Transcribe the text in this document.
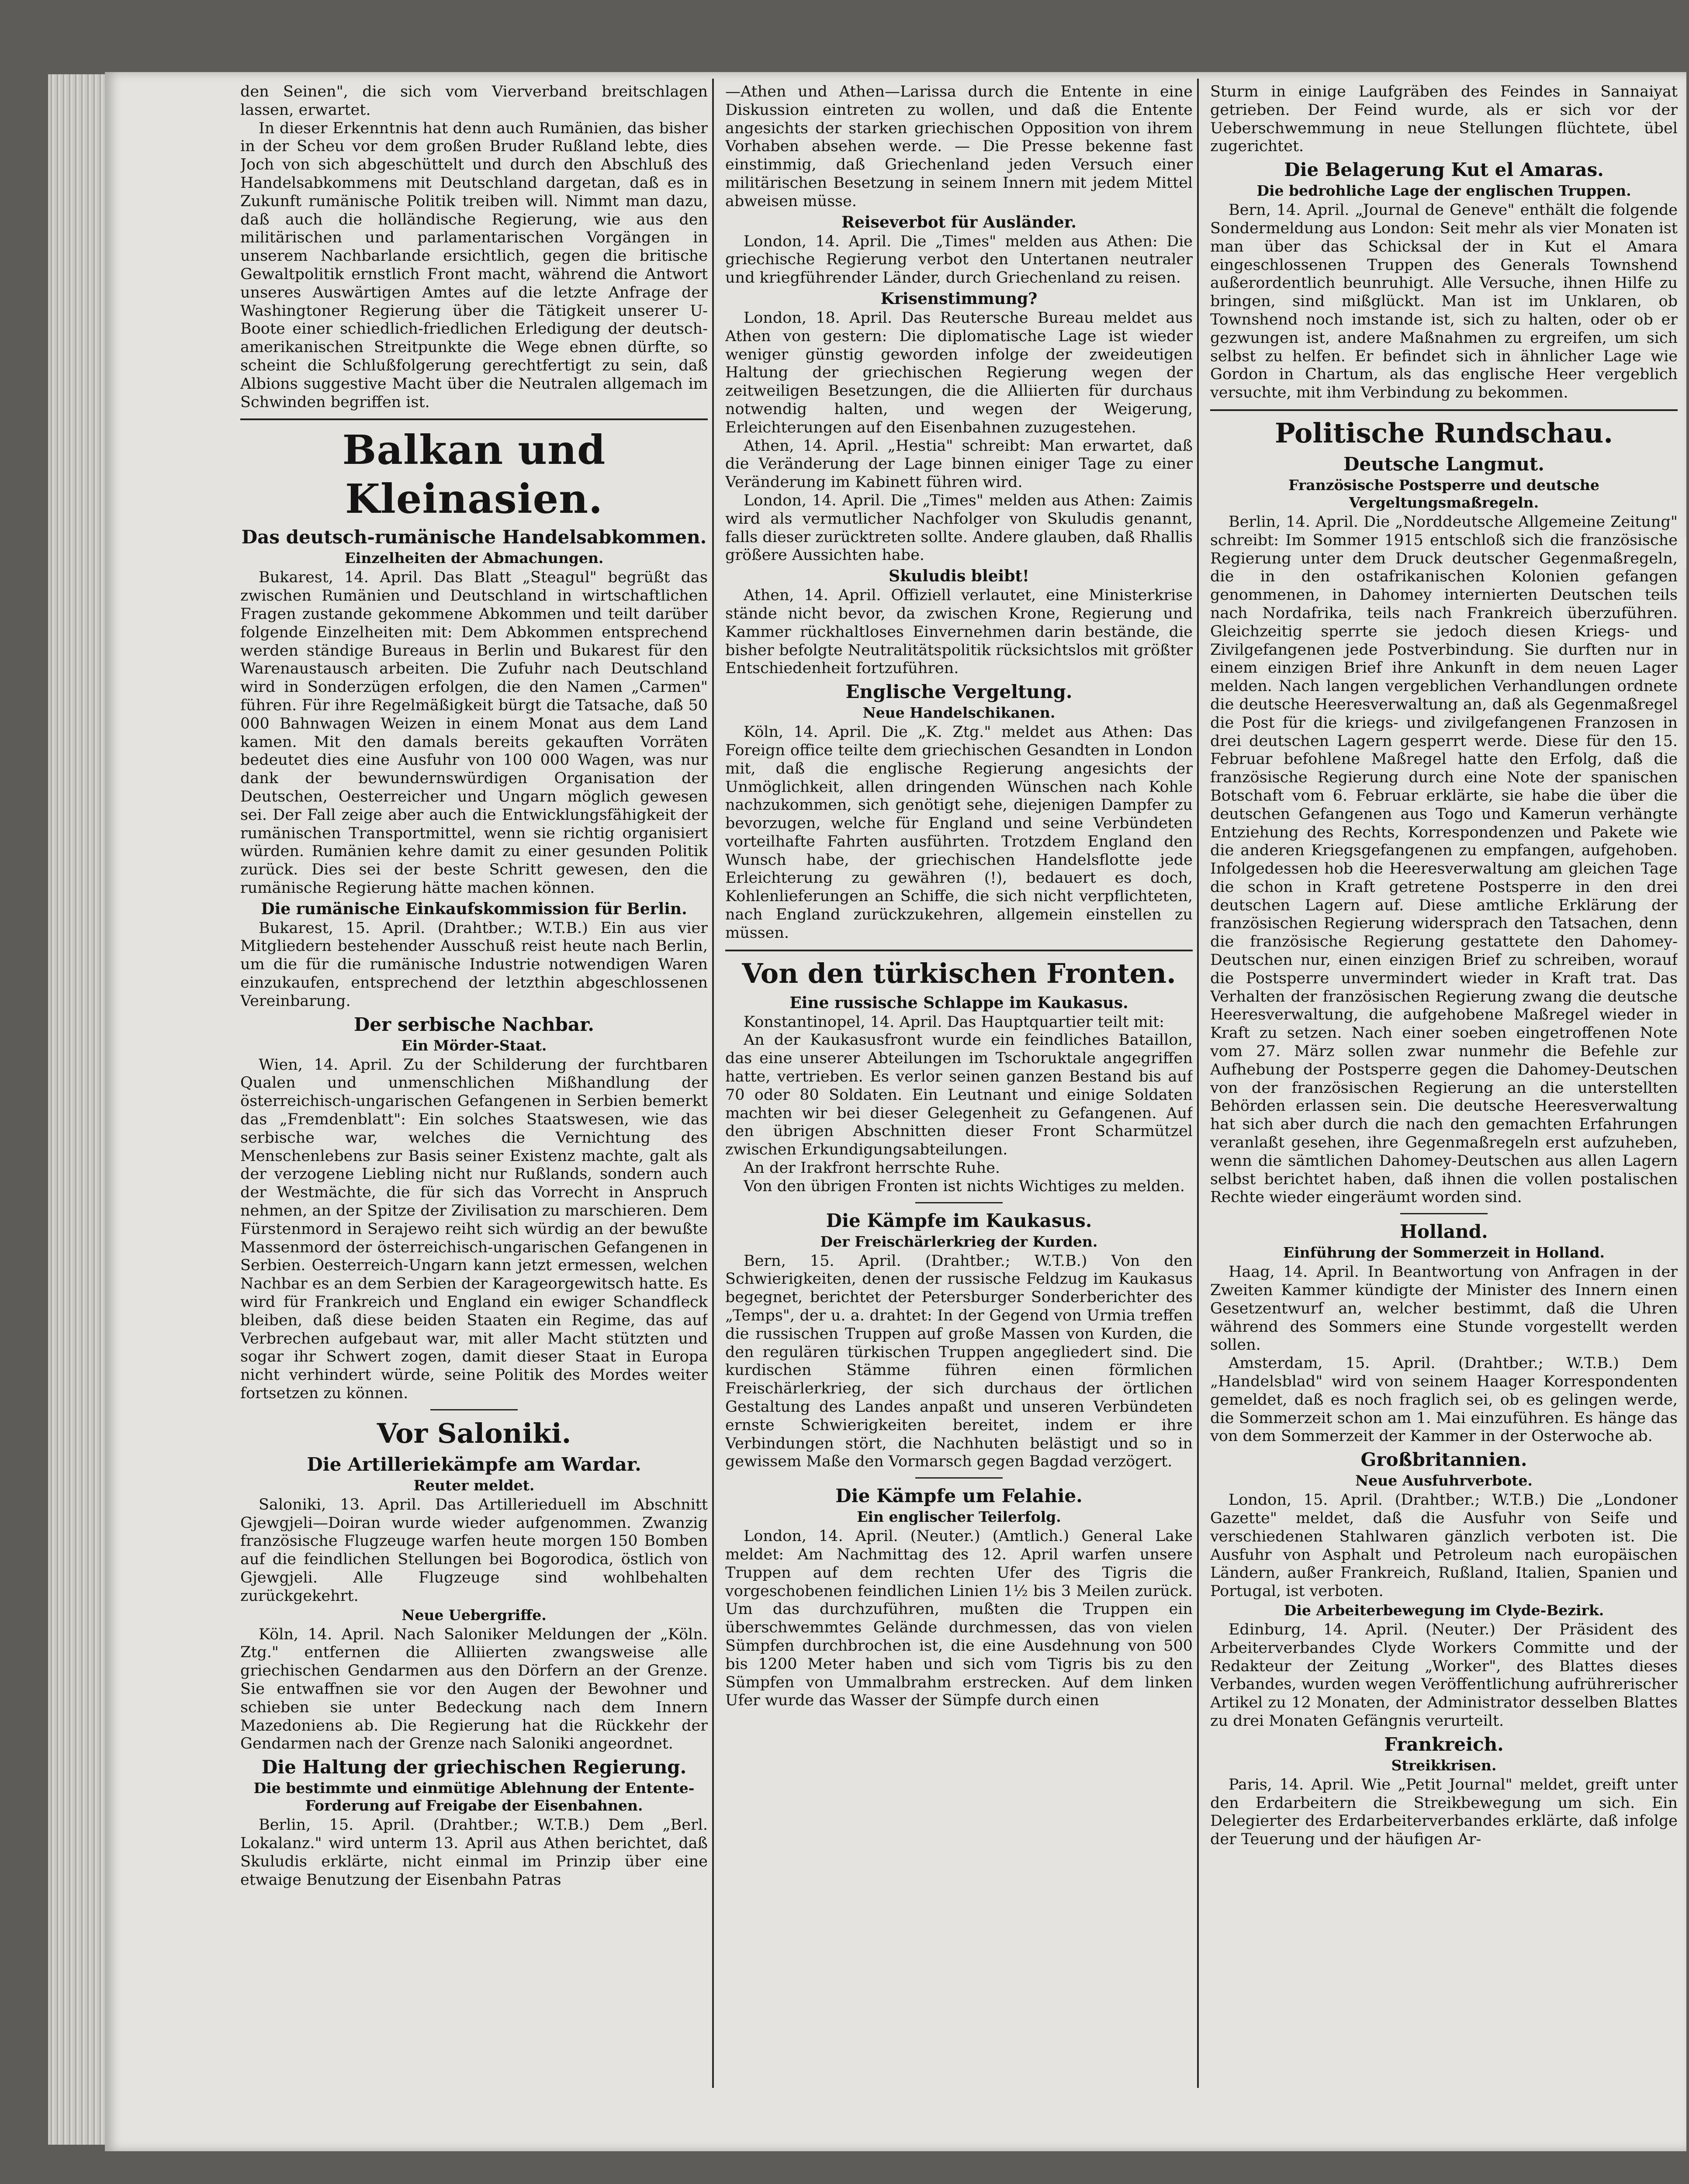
den Seinen", die sich vom Vierverband breitschlagen lassen, erwartet.

In dieser Erkenntnis hat denn auch Rumänien, das bisher in der Scheu vor dem großen Bruder Rußland lebte, dies Joch von sich abgeschüttelt und durch den Abschluß des Handelsabkommens mit Deutschland dargetan, daß es in Zukunft rumänische Politik treiben will. Nimmt man dazu, daß auch die holländische Regierung, wie aus den militärischen und parlamentarischen Vorgängen in unserem Nachbarlande ersichtlich, gegen die britische Gewaltpolitik ernstlich Front macht, während die Antwort unseres Auswärtigen Amtes auf die letzte Anfrage der Washingtoner Regierung über die Tätigkeit unserer U-Boote einer schiedlich-friedlichen Erledigung der deutsch-amerikanischen Streitpunkte die Wege ebnen dürfte, so scheint die Schlußfolgerung gerechtfertigt zu sein, daß Albions suggestive Macht über die Neutralen allgemach im Schwinden begriffen ist.

Balkan und Kleinasien.
Das deutsch-rumänische Handelsabkommen.
Einzelheiten der Abmachungen.

Bukarest, 14. April. Das Blatt „Steagul" begrüßt das zwischen Rumänien und Deutschland in wirtschaftlichen Fragen zustande gekommene Abkommen und teilt darüber folgende Einzelheiten mit: Dem Abkommen entsprechend werden ständige Bureaus in Berlin und Bukarest für den Warenaustausch arbeiten. Die Zufuhr nach Deutschland wird in Sonderzügen erfolgen, die den Namen „Carmen" führen. Für ihre Regelmäßigkeit bürgt die Tatsache, daß 50 000 Bahnwagen Weizen in einem Monat aus dem Land kamen. Mit den damals bereits gekauften Vorräten bedeutet dies eine Ausfuhr von 100 000 Wagen, was nur dank der bewundernswürdigen Organisation der Deutschen, Oesterreicher und Ungarn möglich gewesen sei. Der Fall zeige aber auch die Entwicklungsfähigkeit der rumänischen Transportmittel, wenn sie richtig organisiert würden. Rumänien kehre damit zu einer gesunden Politik zurück. Dies sei der beste Schritt gewesen, den die rumänische Regierung hätte machen können.

Die rumänische Einkaufskommission für Berlin.

Bukarest, 15. April. (Drahtber.; W.T.B.) Ein aus vier Mitgliedern bestehender Ausschuß reist heute nach Berlin, um die für die rumänische Industrie notwendigen Waren einzukaufen, entsprechend der letzthin abgeschlossenen Vereinbarung.

Der serbische Nachbar.
Ein Mörder-Staat.

Wien, 14. April. Zu der Schilderung der furchtbaren Qualen und unmenschlichen Mißhandlung der österreichisch-ungarischen Gefangenen in Serbien bemerkt das „Fremdenblatt": Ein solches Staatswesen, wie das serbische war, welches die Vernichtung des Menschenlebens zur Basis seiner Existenz machte, galt als der verzogene Liebling nicht nur Rußlands, sondern auch der Westmächte, die für sich das Vorrecht in Anspruch nehmen, an der Spitze der Zivilisation zu marschieren. Dem Fürstenmord in Serajewo reiht sich würdig an der bewußte Massenmord der österreichisch-ungarischen Gefangenen in Serbien. Oesterreich-Ungarn kann jetzt ermessen, welchen Nachbar es an dem Serbien der Karageorgewitsch hatte. Es wird für Frankreich und England ein ewiger Schandfleck bleiben, daß diese beiden Staaten ein Regime, das auf Verbrechen aufgebaut war, mit aller Macht stützten und sogar ihr Schwert zogen, damit dieser Staat in Europa nicht verhindert würde, seine Politik des Mordes weiter fortsetzen zu können.

Vor Saloniki.
Die Artilleriekämpfe am Wardar.
Reuter meldet.

Saloniki, 13. April. Das Artillerieduell im Abschnitt Gjewgjeli—Doiran wurde wieder aufgenommen. Zwanzig französische Flugzeuge warfen heute morgen 150 Bomben auf die feindlichen Stellungen bei Bogorodica, östlich von Gjewgjeli. Alle Flugzeuge sind wohlbehalten zurückgekehrt.

Neue Uebergriffe.

Köln, 14. April. Nach Saloniker Meldungen der „Köln. Ztg." entfernen die Alliierten zwangsweise alle griechischen Gendarmen aus den Dörfern an der Grenze. Sie entwaffnen sie vor den Augen der Bewohner und schieben sie unter Bedeckung nach dem Innern Mazedoniens ab. Die Regierung hat die Rückkehr der Gendarmen nach der Grenze nach Saloniki angeordnet.

Die Haltung der griechischen Regierung.
Die bestimmte und einmütige Ablehnung der Entente-Forderung auf Freigabe der Eisenbahnen.

Berlin, 15. April. (Drahtber.; W.T.B.) Dem „Berl. Lokalanz." wird unterm 13. April aus Athen berichtet, daß Skuludis erklärte, nicht einmal im Prinzip über eine etwaige Benutzung der Eisenbahn Patras

—Athen und Athen—Larissa durch die Entente in eine Diskussion eintreten zu wollen, und daß die Entente angesichts der starken griechischen Opposition von ihrem Vorhaben absehen werde. — Die Presse bekenne fast einstimmig, daß Griechenland jeden Versuch einer militärischen Besetzung in seinem Innern mit jedem Mittel abweisen müsse.

Reiseverbot für Ausländer.

London, 14. April. Die „Times" melden aus Athen: Die griechische Regierung verbot den Untertanen neutraler und kriegführender Länder, durch Griechenland zu reisen.

Krisenstimmung?

London, 18. April. Das Reutersche Bureau meldet aus Athen von gestern: Die diplomatische Lage ist wieder weniger günstig geworden infolge der zweideutigen Haltung der griechischen Regierung wegen der zeitweiligen Besetzungen, die die Alliierten für durchaus notwendig halten, und wegen der Weigerung, Erleichterungen auf den Eisenbahnen zuzugestehen.

Athen, 14. April. „Hestia" schreibt: Man erwartet, daß die Veränderung der Lage binnen einiger Tage zu einer Veränderung im Kabinett führen wird.

London, 14. April. Die „Times" melden aus Athen: Zaimis wird als vermutlicher Nachfolger von Skuludis genannt, falls dieser zurücktreten sollte. Andere glauben, daß Rhallis größere Aussichten habe.

Skuludis bleibt!

Athen, 14. April. Offiziell verlautet, eine Ministerkrise stände nicht bevor, da zwischen Krone, Regierung und Kammer rückhaltloses Einvernehmen darin bestände, die bisher befolgte Neutralitätspolitik rücksichtslos mit größter Entschiedenheit fortzuführen.

Englische Vergeltung.
Neue Handelschikanen.

Köln, 14. April. Die „K. Ztg." meldet aus Athen: Das Foreign office teilte dem griechischen Gesandten in London mit, daß die englische Regierung angesichts der Unmöglichkeit, allen dringenden Wünschen nach Kohle nachzukommen, sich genötigt sehe, diejenigen Dampfer zu bevorzugen, welche für England und seine Verbündeten vorteilhafte Fahrten ausführten. Trotzdem England den Wunsch habe, der griechischen Handelsflotte jede Erleichterung zu gewähren (!), bedauert es doch, Kohlenlieferungen an Schiffe, die sich nicht verpflichteten, nach England zurückzukehren, allgemein einstellen zu müssen.

Von den türkischen Fronten.
Eine russische Schlappe im Kaukasus.

Konstantinopel, 14. April. Das Hauptquartier teilt mit:

An der Kaukasusfront wurde ein feindliches Bataillon, das eine unserer Abteilungen im Tschoruktale angegriffen hatte, vertrieben. Es verlor seinen ganzen Bestand bis auf 70 oder 80 Soldaten. Ein Leutnant und einige Soldaten machten wir bei dieser Gelegenheit zu Gefangenen. Auf den übrigen Abschnitten dieser Front Scharmützel zwischen Erkundigungsabteilungen.

An der Irakfront herrschte Ruhe.

Von den übrigen Fronten ist nichts Wichtiges zu melden.

Die Kämpfe im Kaukasus.
Der Freischärlerkrieg der Kurden.

Bern, 15. April. (Drahtber.; W.T.B.) Von den Schwierigkeiten, denen der russische Feldzug im Kaukasus begegnet, berichtet der Petersburger Sonderberichter des „Temps", der u. a. drahtet: In der Gegend von Urmia treffen die russischen Truppen auf große Massen von Kurden, die den regulären türkischen Truppen angegliedert sind. Die kurdischen Stämme führen einen förmlichen Freischärlerkrieg, der sich durchaus der örtlichen Gestaltung des Landes anpaßt und unseren Verbündeten ernste Schwierigkeiten bereitet, indem er ihre Verbindungen stört, die Nachhuten belästigt und so in gewissem Maße den Vormarsch gegen Bagdad verzögert.

Die Kämpfe um Felahie.
Ein englischer Teilerfolg.

London, 14. April. (Neuter.) (Amtlich.) General Lake meldet: Am Nachmittag des 12. April warfen unsere Truppen auf dem rechten Ufer des Tigris die vorgeschobenen feindlichen Linien 1½ bis 3 Meilen zurück. Um das durchzuführen, mußten die Truppen ein überschwemmtes Gelände durchmessen, das von vielen Sümpfen durchbrochen ist, die eine Ausdehnung von 500 bis 1200 Meter haben und sich vom Tigris bis zu den Sümpfen von Ummalbrahm erstrecken. Auf dem linken Ufer wurde das Wasser der Sümpfe durch einen

Sturm in einige Laufgräben des Feindes in Sannaiyat getrieben. Der Feind wurde, als er sich vor der Ueberschwemmung in neue Stellungen flüchtete, übel zugerichtet.

Die Belagerung Kut el Amaras.
Die bedrohliche Lage der englischen Truppen.

Bern, 14. April. „Journal de Geneve" enthält die folgende Sondermeldung aus London: Seit mehr als vier Monaten ist man über das Schicksal der in Kut el Amara eingeschlossenen Truppen des Generals Townshend außerordentlich beunruhigt. Alle Versuche, ihnen Hilfe zu bringen, sind mißglückt. Man ist im Unklaren, ob Townshend noch imstande ist, sich zu halten, oder ob er gezwungen ist, andere Maßnahmen zu ergreifen, um sich selbst zu helfen. Er befindet sich in ähnlicher Lage wie Gordon in Chartum, als das englische Heer vergeblich versuchte, mit ihm Verbindung zu bekommen.

Politische Rundschau.
Deutsche Langmut.
Französische Postsperre und deutsche Vergeltungsmaßregeln.

Berlin, 14. April. Die „Norddeutsche Allgemeine Zeitung" schreibt: Im Sommer 1915 entschloß sich die französische Regierung unter dem Druck deutscher Gegenmaßregeln, die in den ostafrikanischen Kolonien gefangen genommenen, in Dahomey internierten Deutschen teils nach Nordafrika, teils nach Frankreich überzuführen. Gleichzeitig sperrte sie jedoch diesen Kriegs- und Zivilgefangenen jede Postverbindung. Sie durften nur in einem einzigen Brief ihre Ankunft in dem neuen Lager melden. Nach langen vergeblichen Verhandlungen ordnete die deutsche Heeresverwaltung an, daß als Gegenmaßregel die Post für die kriegs- und zivilgefangenen Franzosen in drei deutschen Lagern gesperrt werde. Diese für den 15. Februar befohlene Maßregel hatte den Erfolg, daß die französische Regierung durch eine Note der spanischen Botschaft vom 6. Februar erklärte, sie habe die über die deutschen Gefangenen aus Togo und Kamerun verhängte Entziehung des Rechts, Korrespondenzen und Pakete wie die anderen Kriegsgefangenen zu empfangen, aufgehoben. Infolgedessen hob die Heeresverwaltung am gleichen Tage die schon in Kraft getretene Postsperre in den drei deutschen Lagern auf. Diese amtliche Erklärung der französischen Regierung widersprach den Tatsachen, denn die französische Regierung gestattete den Dahomey-Deutschen nur, einen einzigen Brief zu schreiben, worauf die Postsperre unvermindert wieder in Kraft trat. Das Verhalten der französischen Regierung zwang die deutsche Heeresverwaltung, die aufgehobene Maßregel wieder in Kraft zu setzen. Nach einer soeben eingetroffenen Note vom 27. März sollen zwar nunmehr die Befehle zur Aufhebung der Postsperre gegen die Dahomey-Deutschen von der französischen Regierung an die unterstellten Behörden erlassen sein. Die deutsche Heeresverwaltung hat sich aber durch die nach den gemachten Erfahrungen veranlaßt gesehen, ihre Gegenmaßregeln erst aufzuheben, wenn die sämtlichen Dahomey-Deutschen aus allen Lagern selbst berichtet haben, daß ihnen die vollen postalischen Rechte wieder eingeräumt worden sind.

Holland.
Einführung der Sommerzeit in Holland.

Haag, 14. April. In Beantwortung von Anfragen in der Zweiten Kammer kündigte der Minister des Innern einen Gesetzentwurf an, welcher bestimmt, daß die Uhren während des Sommers eine Stunde vorgestellt werden sollen.

Amsterdam, 15. April. (Drahtber.; W.T.B.) Dem „Handelsblad" wird von seinem Haager Korrespondenten gemeldet, daß es noch fraglich sei, ob es gelingen werde, die Sommerzeit schon am 1. Mai einzuführen. Es hänge das von dem Sommerzeit der Kammer in der Osterwoche ab.

Großbritannien.
Neue Ausfuhrverbote.

London, 15. April. (Drahtber.; W.T.B.) Die „Londoner Gazette" meldet, daß die Ausfuhr von Seife und verschiedenen Stahlwaren gänzlich verboten ist. Die Ausfuhr von Asphalt und Petroleum nach europäischen Ländern, außer Frankreich, Rußland, Italien, Spanien und Portugal, ist verboten.

Die Arbeiterbewegung im Clyde-Bezirk.

Edinburg, 14. April. (Neuter.) Der Präsident des Arbeiterverbandes Clyde Workers Committe und der Redakteur der Zeitung „Worker", des Blattes dieses Verbandes, wurden wegen Veröffentlichung aufrührerischer Artikel zu 12 Monaten, der Administrator desselben Blattes zu drei Monaten Gefängnis verurteilt.

Frankreich.
Streikkrisen.

Paris, 14. April. Wie „Petit Journal" meldet, greift unter den Erdarbeitern die Streikbewegung um sich. Ein Delegierter des Erdarbeiterverbandes erklärte, daß infolge der Teuerung und der häufigen Ar-
